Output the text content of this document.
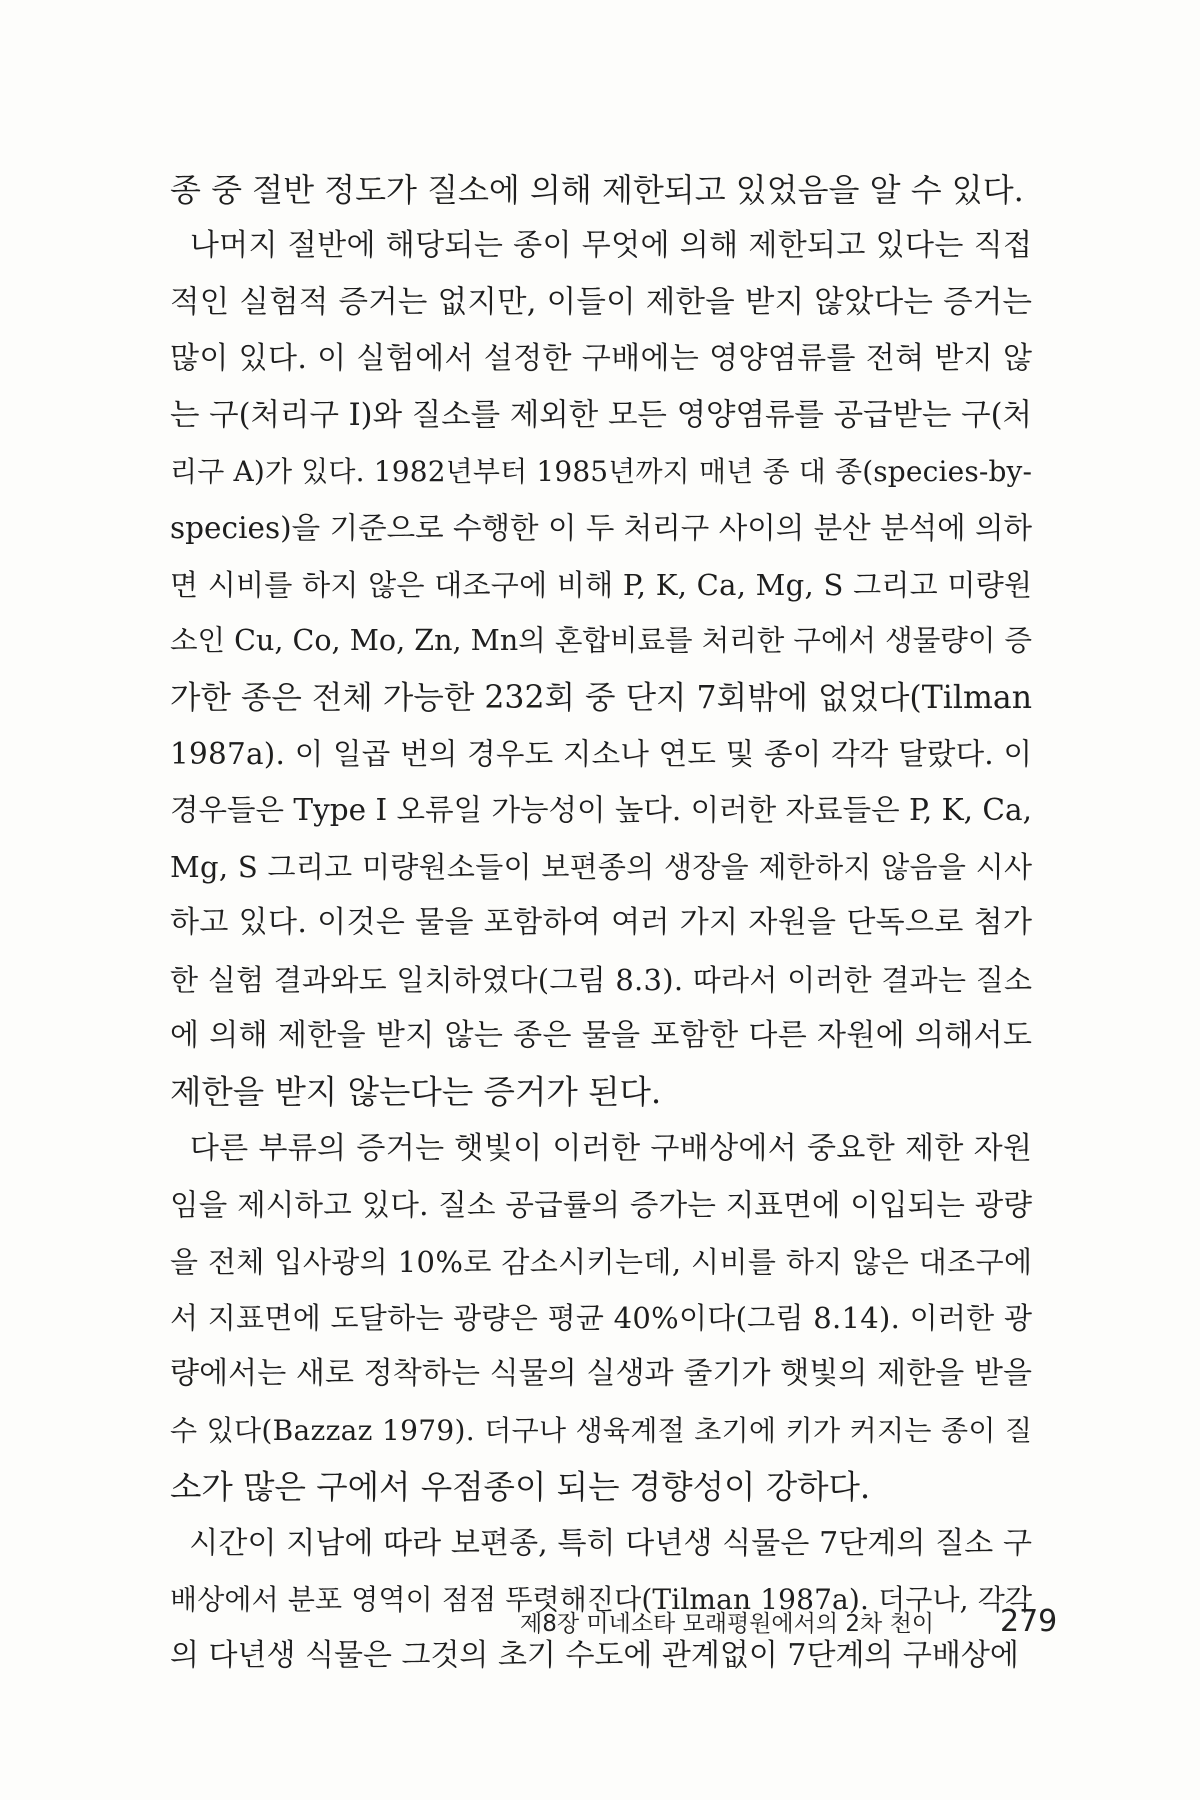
종 중 절반 정도가 질소에 의해 제한되고 있었음을 알 수 있다.
나머지 절반에 해당되는 종이 무엇에 의해 제한되고 있다는 직접
적인 실험적 증거는 없지만, 이들이 제한을 받지 않았다는 증거는
많이 있다. 이 실험에서 설정한 구배에는 영양염류를 전혀 받지 않
는 구(처리구 I)와 질소를 제외한 모든 영양염류를 공급받는 구(처
리구 A)가 있다. 1982년부터 1985년까지 매년 종 대 종(species-by-
species)을 기준으로 수행한 이 두 처리구 사이의 분산 분석에 의하
면 시비를 하지 않은 대조구에 비해 P, K, Ca, Mg, S 그리고 미량원
소인 Cu, Co, Mo, Zn, Mn의 혼합비료를 처리한 구에서 생물량이 증
가한 종은 전체 가능한 232회 중 단지 7회밖에 없었다(Tilman
1987a). 이 일곱 번의 경우도 지소나 연도 및 종이 각각 달랐다. 이
경우들은 Type I 오류일 가능성이 높다. 이러한 자료들은 P, K, Ca,
Mg, S 그리고 미량원소들이 보편종의 생장을 제한하지 않음을 시사
하고 있다. 이것은 물을 포함하여 여러 가지 자원을 단독으로 첨가
한 실험 결과와도 일치하였다(그림 8.3). 따라서 이러한 결과는 질소
에 의해 제한을 받지 않는 종은 물을 포함한 다른 자원에 의해서도
제한을 받지 않는다는 증거가 된다.
다른 부류의 증거는 햇빛이 이러한 구배상에서 중요한 제한 자원
임을 제시하고 있다. 질소 공급률의 증가는 지표면에 이입되는 광량
을 전체 입사광의 10%로 감소시키는데, 시비를 하지 않은 대조구에
서 지표면에 도달하는 광량은 평균 40%이다(그림 8.14). 이러한 광
량에서는 새로 정착하는 식물의 실생과 줄기가 햇빛의 제한을 받을
수 있다(Bazzaz 1979). 더구나 생육계절 초기에 키가 커지는 종이 질
소가 많은 구에서 우점종이 되는 경향성이 강하다.
시간이 지남에 따라 보편종, 특히 다년생 식물은 7단계의 질소 구
배상에서 분포 영역이 점점 뚜렷해진다(Tilman 1987a). 더구나, 각각
의 다년생 식물은 그것의 초기 수도에 관계없이 7단계의 구배상에
제8장 미네소타 모래평원에서의 2차 천이 279
